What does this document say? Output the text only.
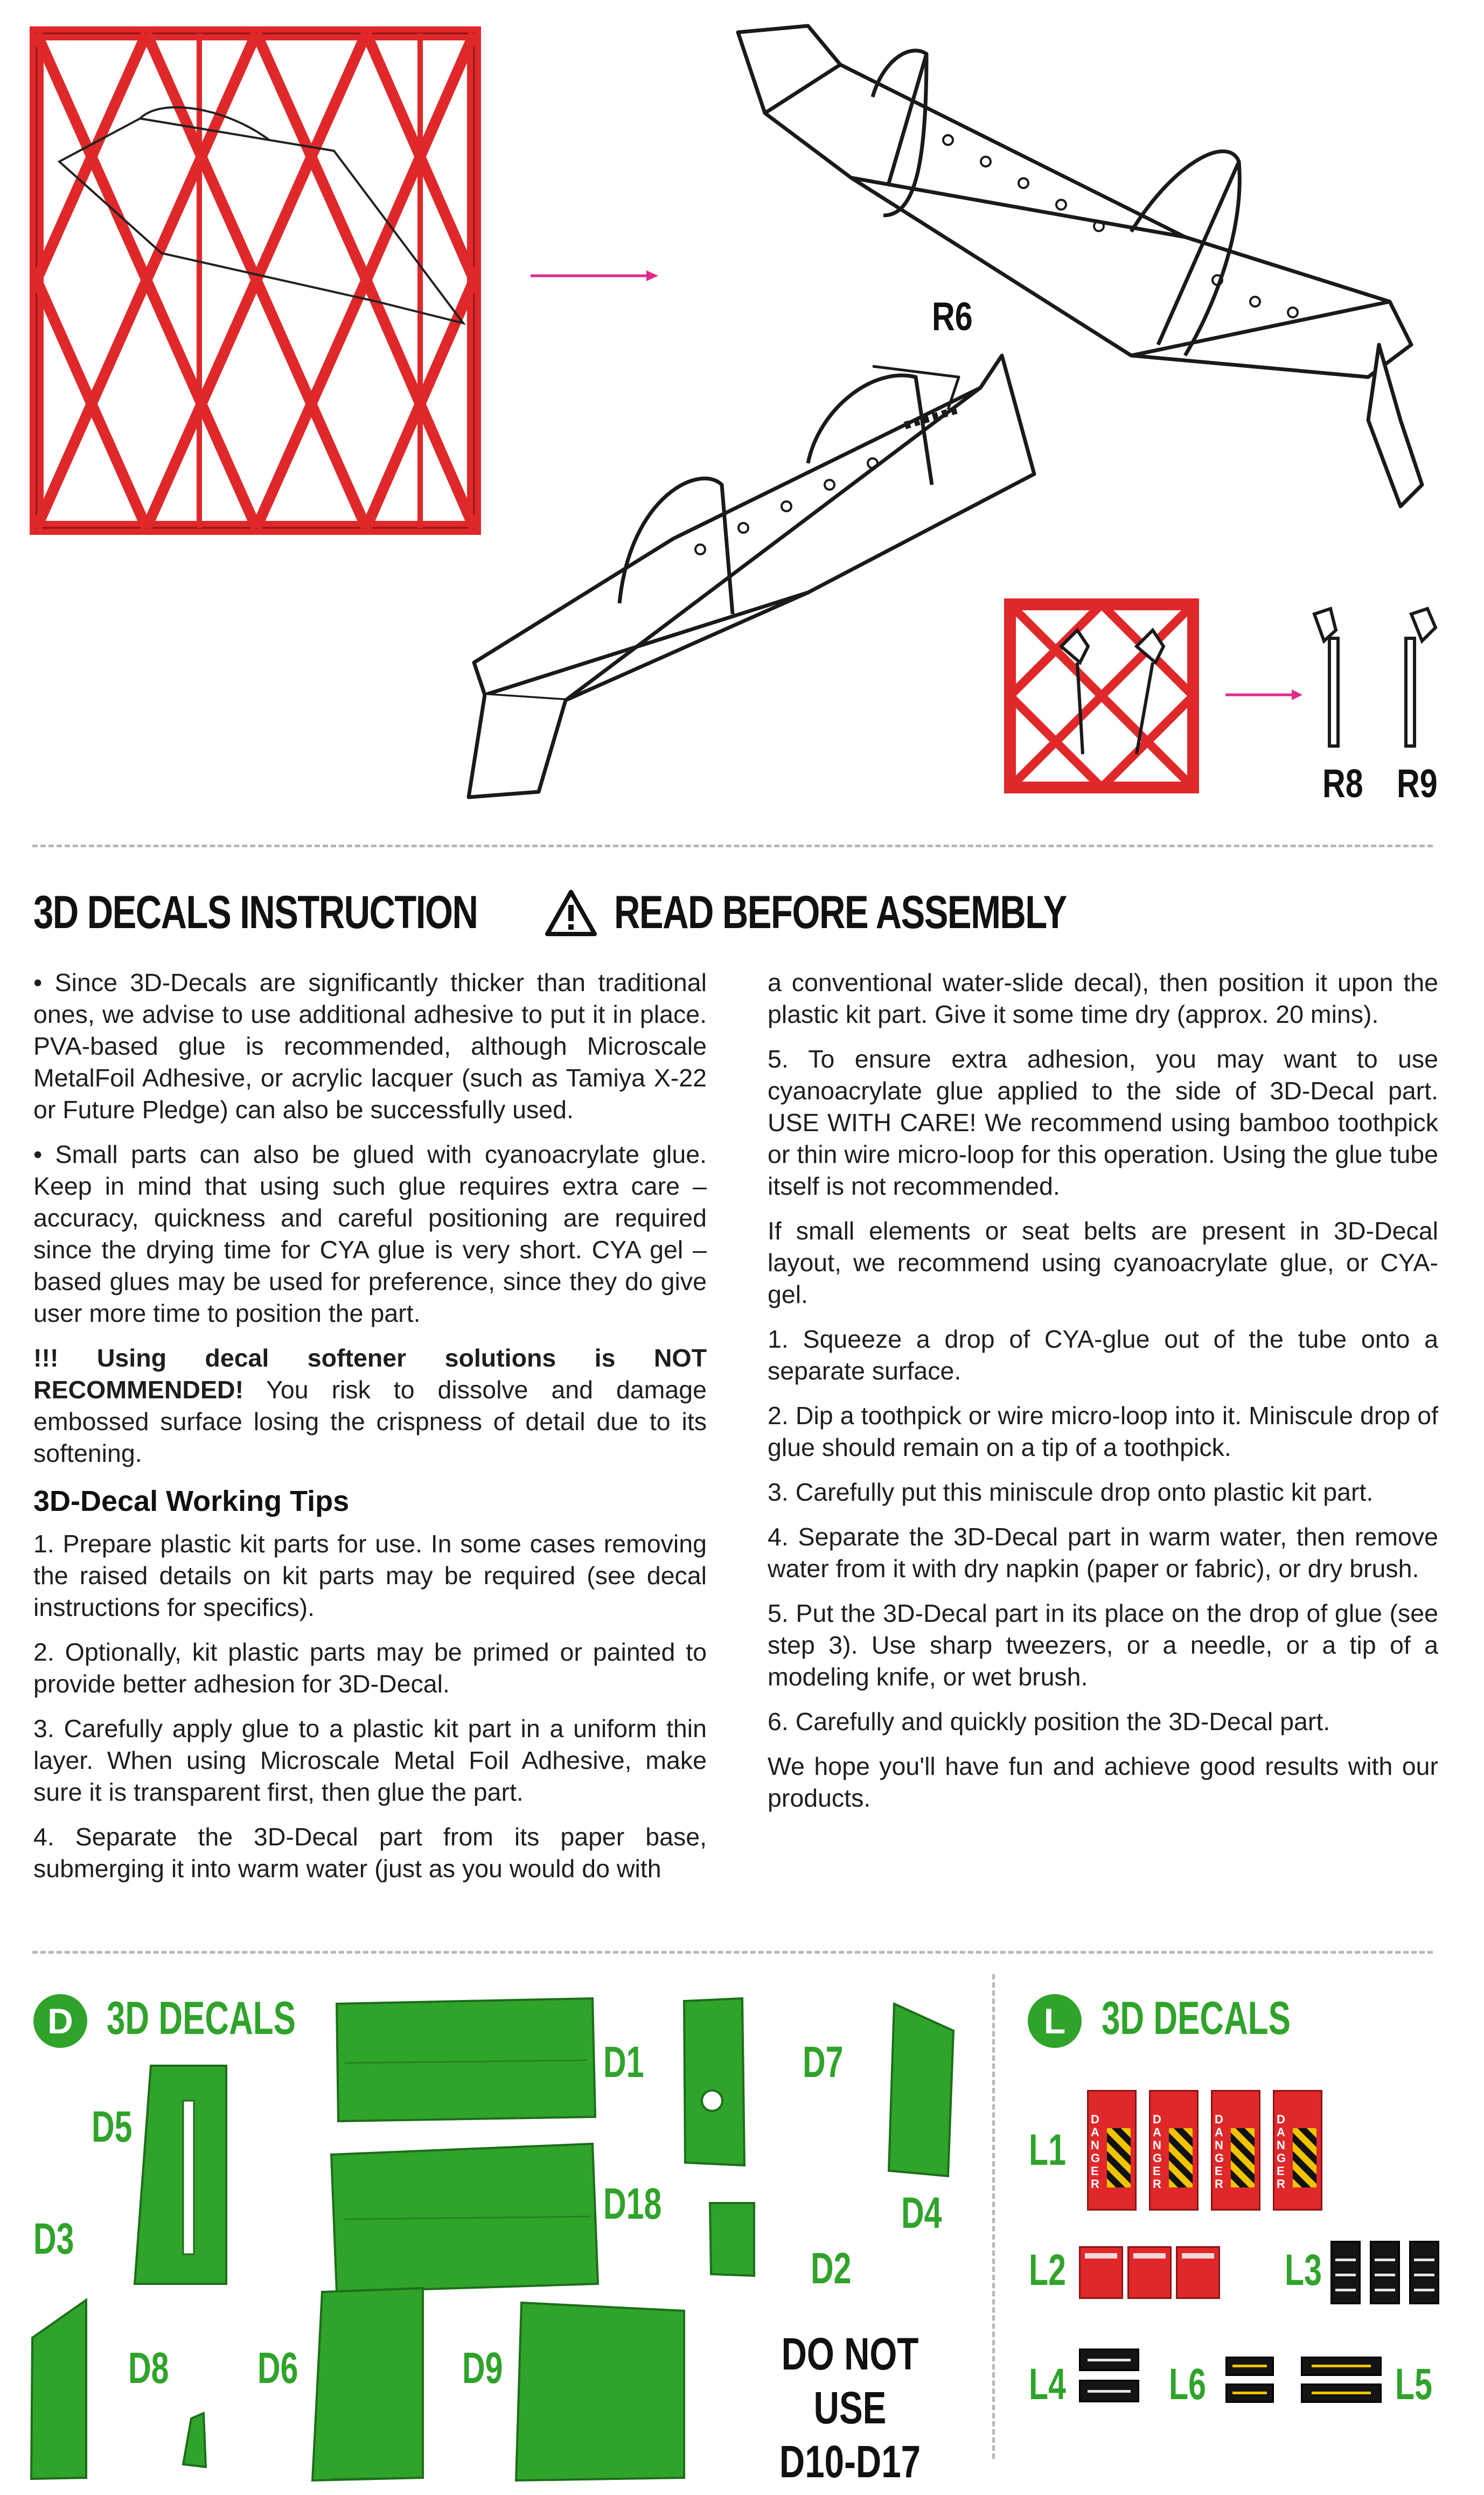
R6
R8 R9
3D DECALS INSTRUCTION	READ BEFORE ASSEMBLY

• Since 3D-Decals are significantly thicker than traditional ones, we advise to use additional adhesive to put it in place. PVA-based glue is recommended, although Microscale MetalFoil Adhesive, or acrylic lacquer (such as Tamiya X-22 or Future Pledge) can also be successfully used.

• Small parts can also be glued with cyanoacrylate glue. Keep in mind that using such glue requires extra care – accuracy, quickness and careful positioning are required since the drying time for CYA glue is very short. CYA gel – based glues may be used for preference, since they do give user more time to position the part.

!!! Using decal softener solutions is NOT RECOMMENDED! You risk to dissolve and damage embossed surface losing the crispness of detail due to its softening.

3D-Decal Working Tips

1. Prepare plastic kit parts for use. In some cases removing the raised details on kit parts may be required (see decal instructions for specifics).

2. Optionally, kit plastic parts may be primed or painted to provide better adhesion for 3D-Decal.

3. Carefully apply glue to a plastic kit part in a uniform thin layer. When using Microscale Metal Foil Adhesive, make sure it is transparent first, then glue the part.

4. Separate the 3D-Decal part from its paper base, submerging it into warm water (just as you would do with

a conventional water-slide decal), then position it upon the plastic kit part. Give it some time dry (approx. 20 mins).

5. To ensure extra adhesion, you may want to use cyanoacrylate glue applied to the side of 3D-Decal part. USE WITH CARE! We recommend using bamboo toothpick or thin wire micro-loop for this operation. Using the glue tube itself is not recommended.

If small elements or seat belts are present in 3D-Decal layout, we recommend using cyanoacrylate glue, or CYA-gel.

1. Squeeze a drop of CYA-glue out of the tube onto a separate surface.

2. Dip a toothpick or wire micro-loop into it. Miniscule drop of glue should remain on a tip of a toothpick.

3. Carefully put this miniscule drop onto plastic kit part.

4. Separate the 3D-Decal part in warm water, then remove water from it with dry napkin (paper or fabric), or dry brush.

5. Put the 3D-Decal part in its place on the drop of glue (see step 3). Use sharp tweezers, or a needle, or a tip of a modeling knife, or wet brush.

6. Carefully and quickly position the 3D-Decal part.

We hope you'll have fun and achieve good results with our products.

D 3D DECALS
D1	D7
D5
D18	D4
D3
D2
D8 D6	D9	DO NOT USE
D10-D17
L 3D DECALS
L1
DANGER
DANGER
DANGER
DANGER
L2	L3
L4 L6	L5
